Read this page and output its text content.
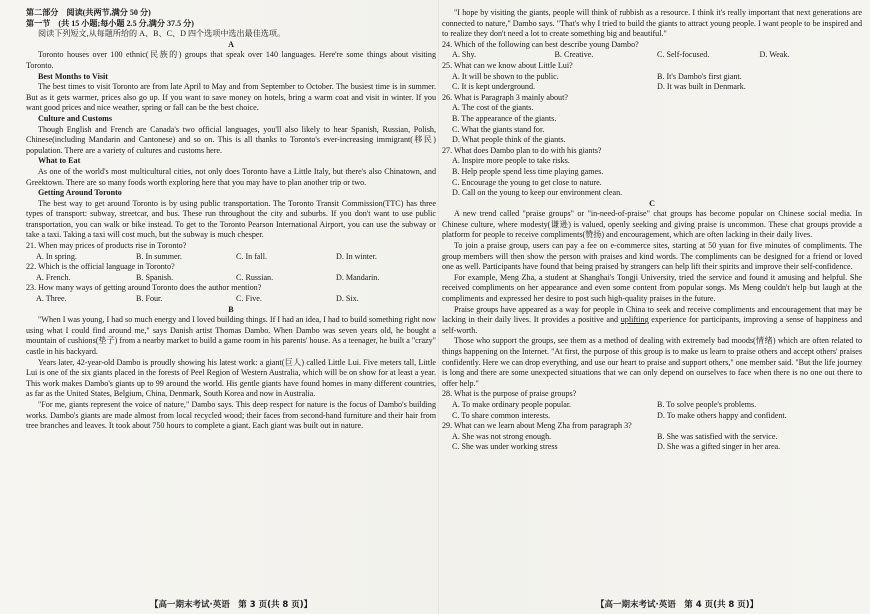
第二部分　阅读(共两节,满分 50 分)

第一节　(共 15 小题;每小题 2.5 分,满分 37.5 分)

阅读下列短文,从每题所给的 A、B、C、D 四个选项中选出最佳选项。

A

Toronto houses over 100 ethnic(民族的) groups that speak over 140 languages. Here're some things about visiting Toronto.

Best Months to Visit

The best times to visit Toronto are from late April to May and from September to October. The busiest time is in summer. But as it gets warmer, prices also go up. If you want to save money on hotels, bring a warm coat and visit in winter. If you want good prices and nice weather, spring or fall can be the best choice.

Culture and Customs

Though English and French are Canada's two official languages, you'll also likely to hear Spanish, Russian, Polish, Chinese(including Mandarin and Cantonese) and so on. This is all thanks to Toronto's ever-increasing immigrant(移民) population. There are a variety of cultures and customs here.

What to Eat

As one of the world's most multicultural cities, not only does Toronto have a Little Italy, but there's also Chinatown, and Greektown. There are so many foods worth exploring here that you may have to plan another trip or two.

Getting Around Toronto

The best way to get around Toronto is by using public transportation. The Toronto Transit Commission(TTC) has three types of transport: subway, streetcar, and bus. These run throughout the city and suburbs. If you don't want to use public transportation, you can walk or bike instead. To get to the Toronto Pearson International Airport, you can use the subway or take a taxi. Taking a taxi will cost much, but the subway is much chesper.

21. When may prices of products rise in Toronto?

A. In spring.	B. In summer.	C. In fall.	D. In winter.

22. Which is the official language in Toronto?

A. French.	B. Spanish.	C. Russian.	D. Mandarin.

23. How many ways of getting around Toronto does the author mention?

A. Three.	B. Four.	C. Five.	D. Six.

B

"When I was young, I had so much energy and I loved building things. If I had an idea, I had to build something right now using what I could find around me," says Danish artist Thomas Dambo. When Dambo was seven years old, he bought a mountain of cushions(垫子) from a nearby market to build a game room in his parents' house. As a teenager, he built a "crazy" castle in his backyard.

Years later, 42-year-old Dambo is proudly showing his latest work: a giant(巨人) called Little Lui. Five meters tall, Little Lui is one of the six giants placed in the forests of Peel Region of Western Australia, which will be on show for at least a year. This work makes Dambo's giants up to 99 around the world. His gentle giants have found homes in many different countries, as far as the United States, Belgium, China, Denmark, South Korea and now in Australia.

"For me, giants represent the voice of nature," Dambo says. This deep respect for nature is the focus of Dambo's building works. Dambo's giants are made almost from local recycled wood; their faces from second-hand furniture and their hair from tree branches and leaves. It took about 750 hours to complete a giant. Each giant was built out in nature.

【高一期末考试·英语　第 3 页(共 8 页)】

"I hope by visiting the giants, people will think of rubbish as a resource. I think it's really important that next generations are connected to nature," Dambo says. "That's why I tried to build the giants to attract young people. I want people to be inspired and to realize they don't need a lot to create something big and beautiful."

24. Which of the following can best describe young Dambo?

A. Shy.	B. Creative.	C. Self-focused.	D. Weak.

25. What can we know about Little Lui?

A. It will be shown to the public.	B. It's Dambo's first giant.
C. It is kept underground.	D. It was built in Denmark.

26. What is Paragraph 3 mainly about?

A. The cost of the giants.

B. The appearance of the giants.

C. What the giants stand for.

D. What people think of the giants.

27. What does Dambo plan to do with his giants?

A. Inspire more people to take risks.

B. Help people spend less time playing games.

C. Encourage the young to get close to nature.

D. Call on the young to keep our environment clean.

C

A new trend called "praise groups" or "in-need-of-praise" chat groups has become popular on Chinese social media. In Chinese culture, where modesty(谦逊) is valued, openly seeking and giving praise is uncommon. These chat groups provide a platform for people to receive compliments(赞扬) and encouragement, which are often lacking in their daily lives.

To join a praise group, users can pay a fee on e-commerce sites, starting at 50 yuan for five minutes of compliments. The group members will then show the person with praises and kind words. The compliments can be designed for a friend or loved one as well. Participants have found that being praised by strangers can help lift their spirits and improve their self-confidence.

For example, Meng Zha, a student at Shanghai's Tongji University, tried the service and found it amusing and helpful. She received compliments on her appearance and even some content from popular songs. Ms Meng couldn't help but laugh at the compliments and expressed her desire to post such high-quality praises in the future.

Praise groups have appeared as a way for people in China to seek and receive compliments and encouragement that may be lacking in their daily lives. It provides a positive and uplifting experience for participants, improving a sense of happiness and self-worth.

Those who support the groups, see them as a method of dealing with extremely bad moods(情绪) which are often related to things happening on the Internet. "At first, the purpose of this group is to make us learn to praise others and accept others' praises confidently. Here we can drop everything, and use our heart to praise and support others," one member said. "But the life journey is long and there are some unexpected situations that we can only depend on ourselves to face when there is no one out there to offer help."

28. What is the purpose of praise groups?

A. To make ordinary people popular.	B. To solve people's problems.
C. To share common interests.	D. To make others happy and confident.

29. What can we learn about Meng Zha from paragraph 3?

A. She was not strong enough.	B. She was satisfied with the service.
C. She was under working stress	D. She was a gifted singer in her area.
【高一期末考试·英语　第 4 页(共 8 页)】
